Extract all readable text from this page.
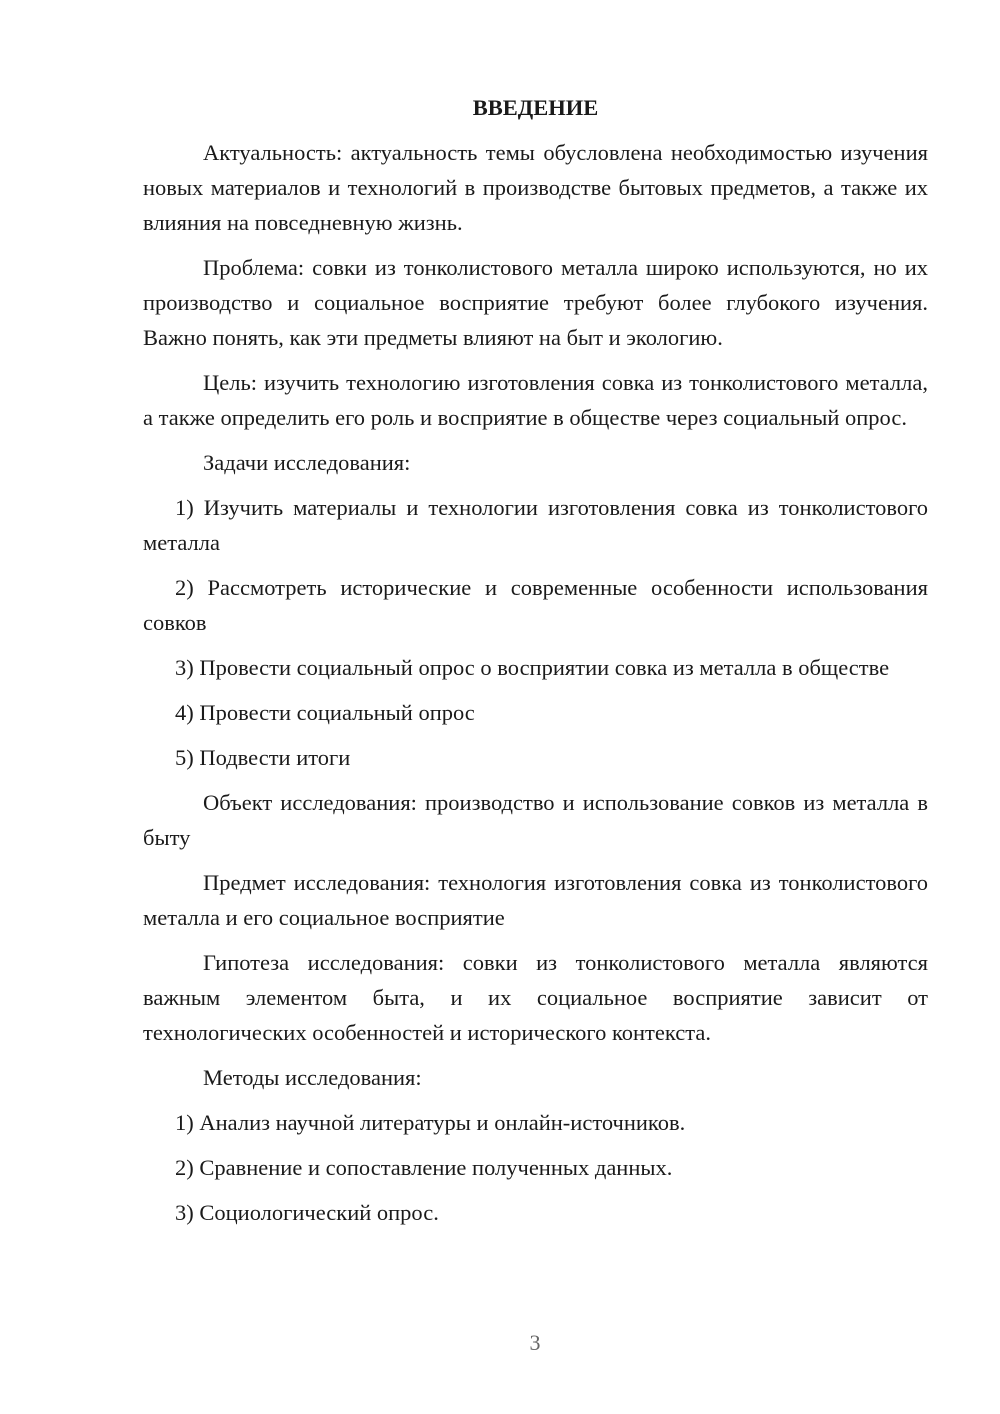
ВВЕДЕНИЕ

Актуальность: актуальность темы обусловлена необходимостью изучения новых материалов и технологий в производстве бытовых предметов, а также их влияния на повседневную жизнь.

Проблема: совки из тонколистового металла широко используются, но их производство и социальное восприятие требуют более глубокого изучения. Важно понять, как эти предметы влияют на быт и экологию.

Цель: изучить технологию изготовления совка из тонколистового металла, а также определить его роль и восприятие в обществе через социальный опрос.

Задачи исследования:

1) Изучить материалы и технологии изготовления совка из тонколистового металла

2) Рассмотреть исторические и современные особенности использования совков

3) Провести социальный опрос о восприятии совка из металла в обществе

4) Провести социальный опрос

5) Подвести итоги

Объект исследования: производство и использование совков из металла в быту

Предмет исследования: технология изготовления совка из тонколистового металла и его социальное восприятие

Гипотеза исследования: совки из тонколистового металла являются важным элементом быта, и их социальное восприятие зависит от технологических особенностей и исторического контекста.

Методы исследования:

1) Анализ научной литературы и онлайн-источников.

2) Сравнение и сопоставление полученных данных.

3) Социологический опрос.

3
